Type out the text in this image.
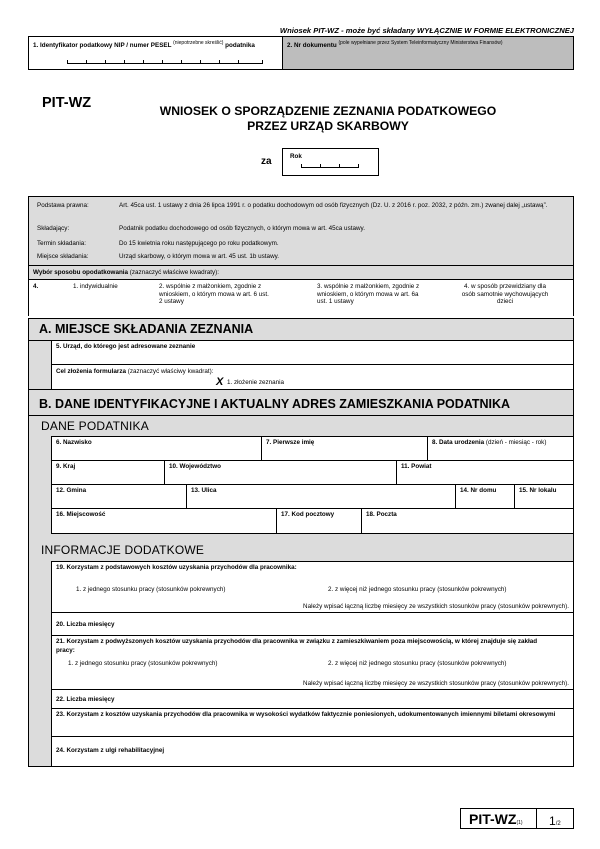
Wniosek PIT-WZ - może być składany WYŁĄCZNIE W FORMIE ELEKTRONICZNEJ
1. Identyfikator podatkowy NIP / numer PESEL $^{(niepotrzebne skreślić)}$ podatnika	2. Nr dokumentu $^{(pole wypełniane przez System Teleinformatyczny Ministerstwa Finansów)}$
PIT-WZ	WNIOSEK O SPORZĄDZENIE ZEZNANIA PODATKOWEGO
PRZEZ URZĄD SKARBOWY
za	Rok
Podstawa prawna:	Art. 45ca ust. 1 ustawy z dnia 26 lipca 1991 r. o podatku dochodowym od osób fizycznych (Dz. U. z 2016 r. poz. 2032, z późn. zm.) zwanej dalej „ustawą”.
Składający:	Podatnik podatku dochodowego od osób fizycznych, o którym mowa w art. 45ca ustawy.
Termin składania:	Do 15 kwietnia roku następującego po roku podatkowym.
Miejsce składania:	Urząd skarbowy, o którym mowa w art. 45 ust. 1b ustawy.
Wybór sposobu opodatkowania (zaznaczyć właściwe kwadraty):
4.	1. indywidualnie	2. wspólnie z małżonkiem, zgodnie z wnioskiem, o którym mowa w art. 6 ust. 2 ustawy
3. wspólnie z małżonkiem, zgodnie z wnioskiem, o którym mowa w art. 6a ust. 1 ustawy
4. w sposób przewidziany dla osób samotnie wychowujących dzieci
A. MIEJSCE SKŁADANIA ZEZNANIA
5. Urząd, do którego jest adresowane zeznanie
Cel złożenia formularza (zaznaczyć właściwy kwadrat):
X 1. złożenie zeznania
B. DANE IDENTYFIKACYJNE I AKTUALNY ADRES ZAMIESZKANIA PODATNIKA
DANE PODATNIKA
6. Nazwisko	7. Pierwsze imię	8. Data urodzenia (dzień - miesiąc - rok)
9. Kraj	10. Województwo	11. Powiat
12. Gmina	13. Ulica	14. Nr domu	15. Nr lokalu
16. Miejscowość	17. Kod pocztowy	18. Poczta
INFORMACJE DODATKOWE
19. Korzystam z podstawowych kosztów uzyskania przychodów dla pracownika:
1. z jednego stosunku pracy (stosunków pokrewnych)	2. z więcej niż jednego stosunku pracy (stosunków pokrewnych)
Należy wpisać łączną liczbę miesięcy ze wszystkich stosunków pracy (stosunków pokrewnych).
20. Liczba miesięcy
21. Korzystam z podwyższonych kosztów uzyskania przychodów dla pracownika w związku z zamieszkiwaniem poza miejscowością, w której znajduje się zakład pracy:
1. z jednego stosunku pracy (stosunków pokrewnych)	2. z więcej niż jednego stosunku pracy (stosunków pokrewnych)
Należy wpisać łączną liczbę miesięcy ze wszystkich stosunków pracy (stosunków pokrewnych).
22. Liczba miesięcy
23. Korzystam z kosztów uzyskania przychodów dla pracownika w wysokości wydatków faktycznie poniesionych, udokumentowanych imiennymi biletami okresowymi
24. Korzystam z ulgi rehabilitacyjnej
PIT-WZ(1) 1/2
